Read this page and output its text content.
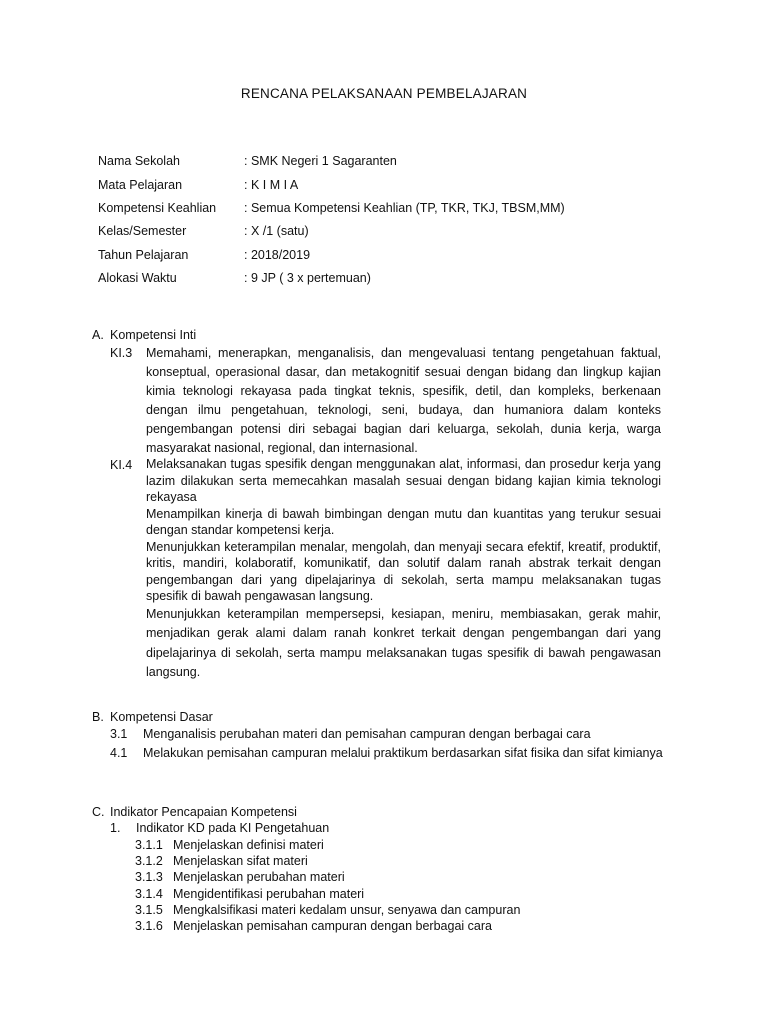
RENCANA PELAKSANAAN PEMBELAJARAN
Nama Sekolah	: SMK Negeri 1 Sagaranten
Mata Pelajaran	: K I M I A
Kompetensi Keahlian : Semua Kompetensi Keahlian (TP, TKR, TKJ, TBSM,MM)
Kelas/Semester	: X /1 (satu)
Tahun Pelajaran	: 2018/2019
Alokasi Waktu	: 9 JP ( 3 x pertemuan)
A. Kompetensi Inti
KI.3 Memahami, menerapkan, menganalisis, dan mengevaluasi tentang pengetahuan faktual, konseptual, operasional dasar, dan metakognitif sesuai dengan bidang dan lingkup kajian kimia teknologi rekayasa pada tingkat teknis, spesifik, detil, dan kompleks, berkenaan dengan ilmu pengetahuan, teknologi, seni, budaya, dan humaniora dalam konteks pengembangan potensi diri sebagai bagian dari keluarga, sekolah, dunia kerja, warga masyarakat nasional, regional, dan internasional.

KI.4 Melaksanakan tugas spesifik dengan menggunakan alat, informasi, dan prosedur kerja yang lazim dilakukan serta memecahkan masalah sesuai dengan bidang kajian kimia teknologi rekayasa

Menampilkan kinerja di bawah bimbingan dengan mutu dan kuantitas yang terukur sesuai dengan standar kompetensi kerja.

Menunjukkan keterampilan menalar, mengolah, dan menyaji secara efektif, kreatif, produktif, kritis, mandiri, kolaboratif, komunikatif, dan solutif dalam ranah abstrak terkait dengan pengembangan dari yang dipelajarinya di sekolah, serta mampu melaksanakan tugas spesifik di bawah pengawasan langsung.

Menunjukkan keterampilan mempersepsi, kesiapan, meniru, membiasakan, gerak mahir, menjadikan gerak alami dalam ranah konkret terkait dengan pengembangan dari yang dipelajarinya di sekolah, serta mampu melaksanakan tugas spesifik di bawah pengawasan langsung.

B. Kompetensi Dasar
3.1 Menganalisis perubahan materi dan pemisahan campuran dengan berbagai cara
4.1 Melakukan pemisahan campuran melalui praktikum berdasarkan sifat fisika dan sifat kimianya
C. Indikator Pencapaian Kompetensi
1. Indikator KD pada KI Pengetahuan
3.1.1 Menjelaskan definisi materi
3.1.2 Menjelaskan sifat materi
3.1.3 Menjelaskan perubahan materi
3.1.4 Mengidentifikasi perubahan materi
3.1.5 Mengkalsifikasi materi kedalam unsur, senyawa dan campuran
3.1.6 Menjelaskan pemisahan campuran dengan berbagai cara
